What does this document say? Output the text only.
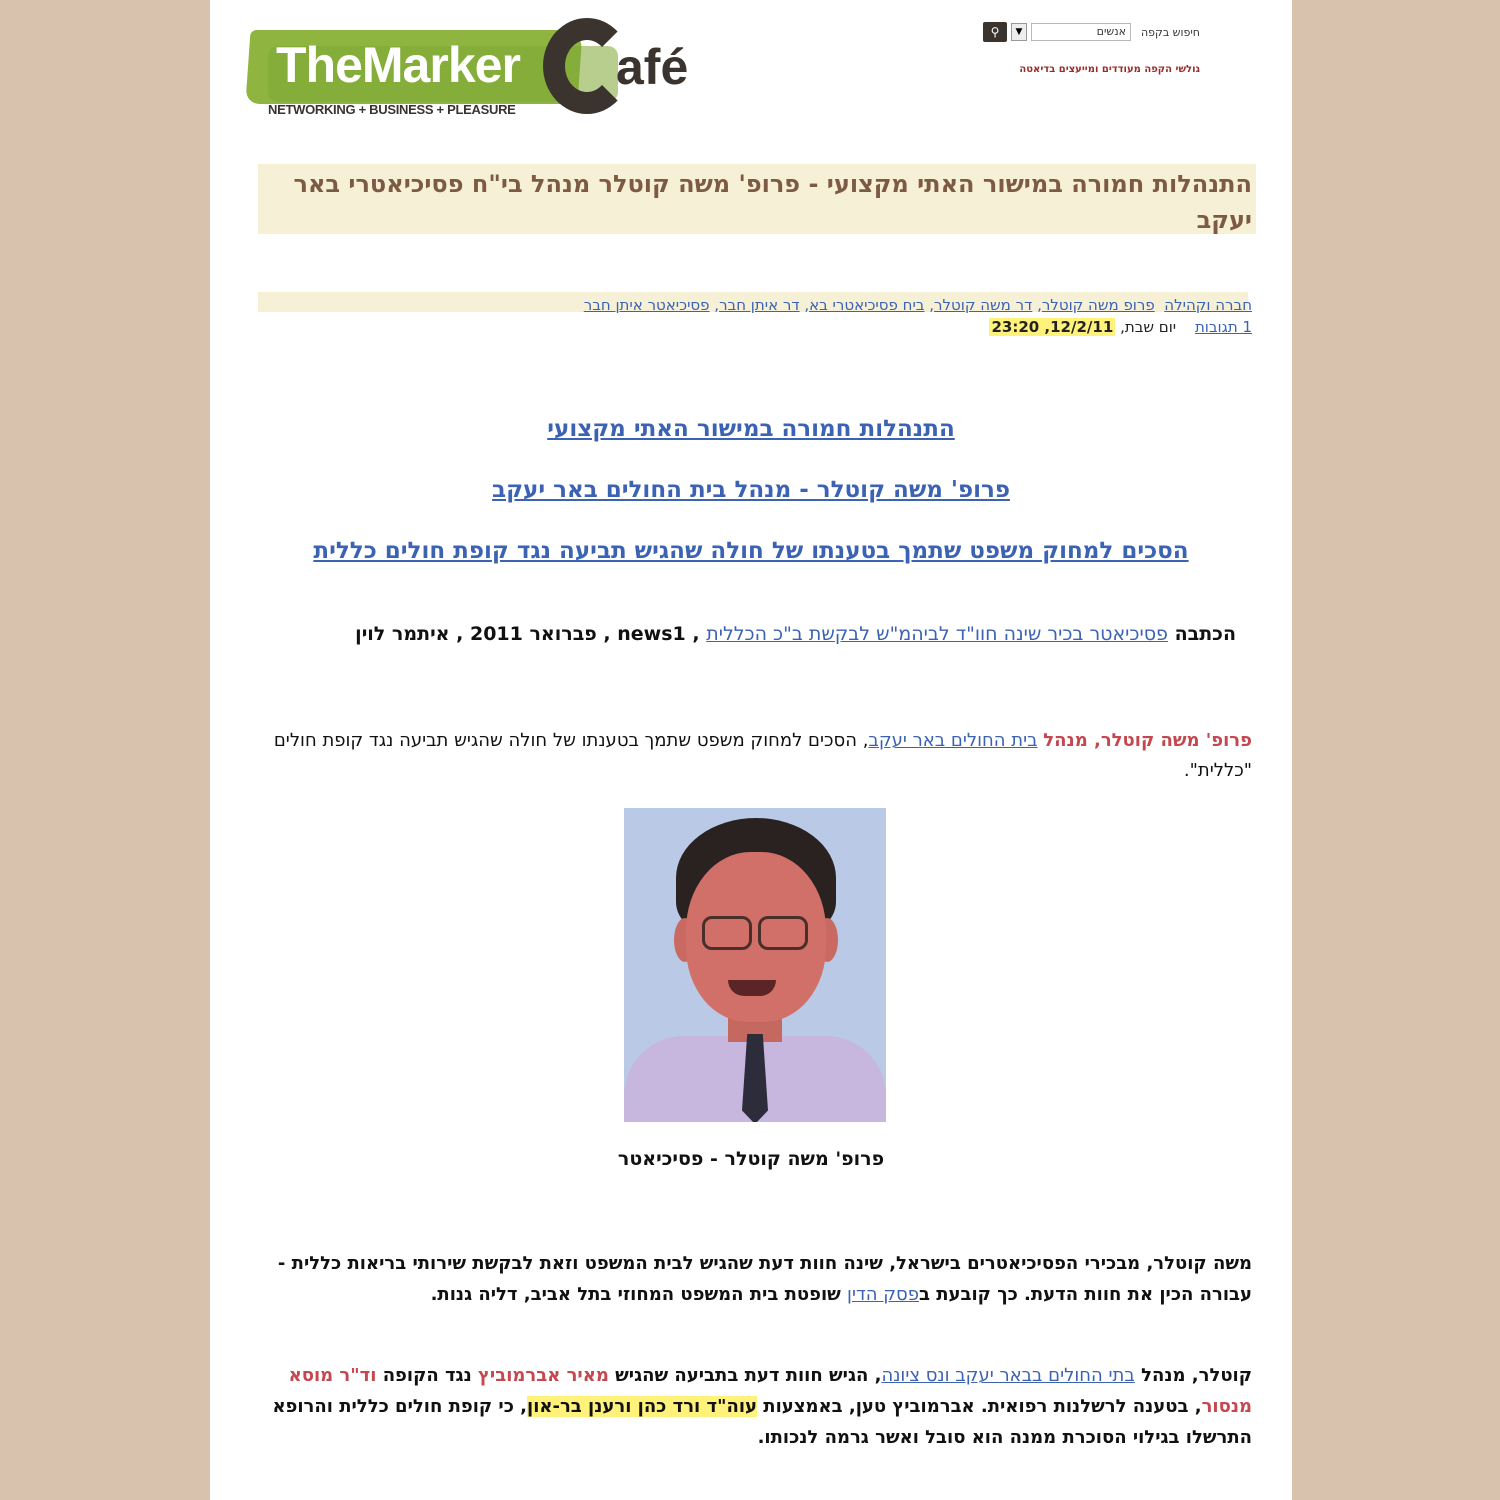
TheMarker afé
NETWORKING + BUSINESS + PLEASURE
חיפוש בקפה
אנשים
▼
⚲
גולשי הקפה מעודדים ומייעצים בדיאטה
התנהלות חמורה במישור האתי מקצועי - פרופ' משה קוטלר מנהל בי"ח פסיכיאטרי באר יעקב
חברה וקהילה  פרופ משה קוטלר, דר משה קוטלר, ביח פסיכיאטרי בא, דר איתן חבר, פסיכיאטר איתן חבר
1 תגובות יום שבת, 12/2/11, 23:20
התנהלות חמורה במישור האתי מקצועי
פרופ' משה קוטלר - מנהל בית החולים באר יעקב
הסכים למחוק משפט שתמך בטענתו של חולה שהגיש תביעה נגד קופת חולים כללית
הכתבה פסיכיאטר בכיר שינה חוו"ד לביהמ"ש לבקשת ב"כ הכללית , news1 , פברואר 2011 , איתמר לוין
פרופ' משה קוטלר, מנהל בית החולים באר יעקב, הסכים למחוק משפט שתמך בטענתו של חולה שהגיש תביעה נגד קופת חולים "כללית".
פרופ' משה קוטלר - פסיכיאטר
משה קוטלר, מבכירי הפסיכיאטרים בישראל, שינה חוות דעת שהגיש לבית המשפט וזאת לבקשת שירותי בריאות כללית - עבורה הכין את חוות הדעת. כך קובעת בפסק הדין שופטת בית המשפט המחוזי בתל אביב, דליה גנות.
קוטלר, מנהל בתי החולים בבאר יעקב ונס ציונה, הגיש חוות דעת בתביעה שהגיש מאיר אברמוביץ נגד הקופה וד"ר מוסא מנסור, בטענה לרשלנות רפואית. אברמוביץ טען, באמצעות עוה"ד ורד כהן ורענן בר-און, כי קופת חולים כללית והרופא התרשלו בגילוי הסוכרת ממנה הוא סובל ואשר גרמה לנכותו.
